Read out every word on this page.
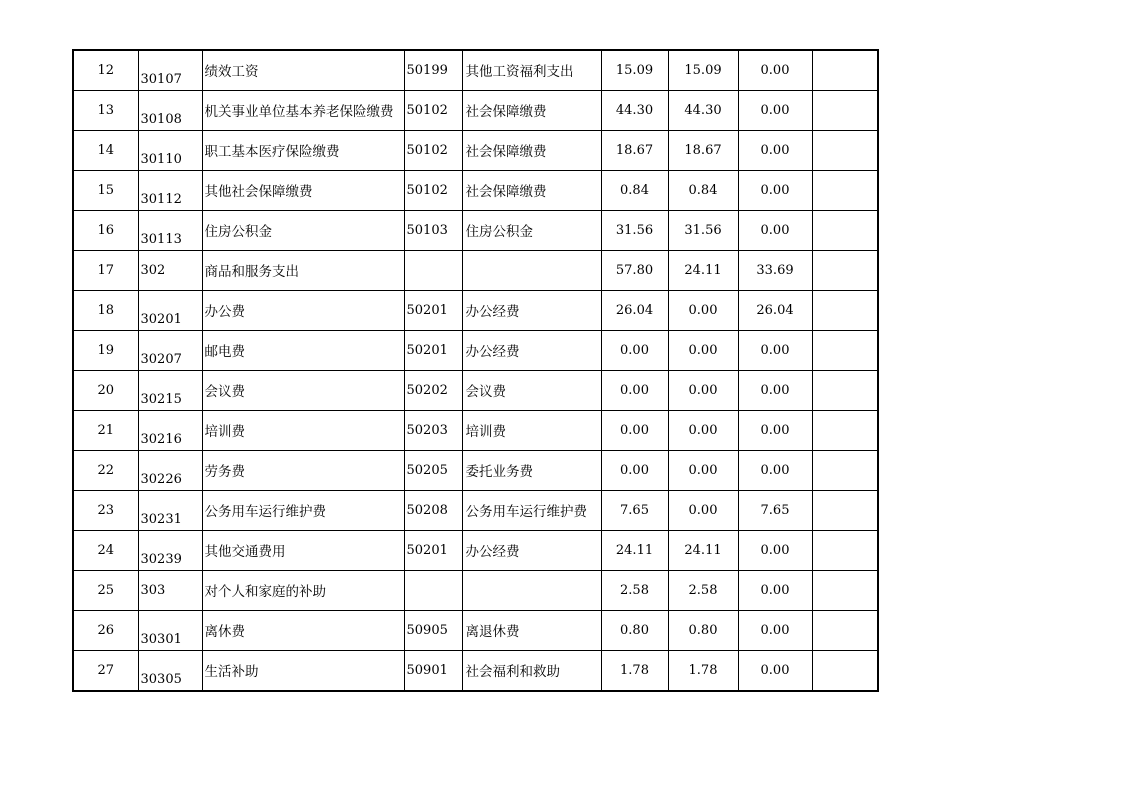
12	30107	绩效工资	50199	其他工资福利支出	15.09	15.09	0.00	

13	30108	机关事业单位基本养老保险缴费	50102	社会保障缴费	44.30	44.30	0.00	

14	30110	职工基本医疗保险缴费	50102	社会保障缴费	18.67	18.67	0.00	

15	30112	其他社会保障缴费	50102	社会保障缴费	0.84	0.84	0.00	

16	30113	住房公积金	50103	住房公积金	31.56	31.56	0.00	

17	302	商品和服务支出			57.80	24.11	33.69	

18	30201	办公费	50201	办公经费	26.04	0.00	26.04	

19	30207	邮电费	50201	办公经费	0.00	0.00	0.00	

20	30215	会议费	50202	会议费	0.00	0.00	0.00	

21	30216	培训费	50203	培训费	0.00	0.00	0.00	

22	30226	劳务费	50205	委托业务费	0.00	0.00	0.00	

23	30231	公务用车运行维护费	50208	公务用车运行维护费	7.65	0.00	7.65	

24	30239	其他交通费用	50201	办公经费	24.11	24.11	0.00	

25	303	对个人和家庭的补助			2.58	2.58	0.00	

26	30301	离休费	50905	离退休费	0.80	0.80	0.00	

27	30305	生活补助	50901	社会福利和救助	1.78	1.78	0.00	
